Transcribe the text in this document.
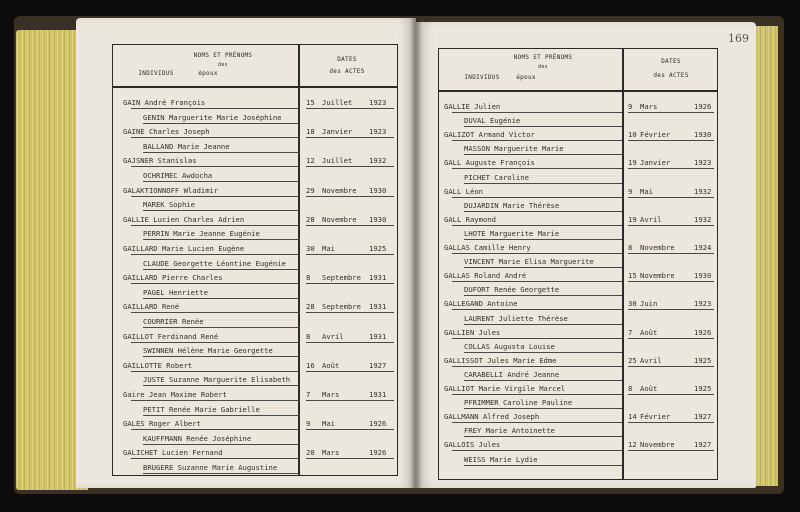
NOMS ET PRÉNOMS
des
INDIVIDUS	époux
DATES
des ACTES
GAIN André François
GENIN Marguerite Marie Joséphine
15 Juillet 1923
GAINE Charles Joseph
BALLAND Marie Jeanne
18 Janvier 1923
GAJSNER Stanislas
OCHRIMEC Awdocha
12 Juillet 1932
GALAKTIONNOFF Wladimir
MAREK Sophie
29 Novembre 1930
GALLIE Lucien Charles Adrien
PERRIN Marie Jeanne Eugénie
28 Novembre 1930
GAILLARD Marie Lucien Eugène
CLAUDE Georgette Léontine Eugénie
30 Mai	1925
GAILLARD Pierre Charles
PAGEL Henriette
8 Septembre 1931
GAILLARD René
COURRIER Renée
28 Septembre 1931
GAILLOT Ferdinand René
SWINNEN Hélène Marie Georgette
8 Avril	1931
GAILLOTTE Robert
JUSTE Suzanne Marguerite Elisabeth
16 Août	1927
Gaire Jean Maxime Robert
PETIT Renée Marie Gabrielle
7 Mars	1931
GALES Roger Albert
KAUFFMANN Renée Joséphine
9 Mai	1926
GALICHET Lucien Fernand
BRUGERE Suzanne Marie Augustine
20 Mars	1926
NOMS ET PRÉNOMS
des
INDIVIDUS	époux
DATES
des ACTES
GALLIE Julien
DUVAL Eugénie
9 Mars	1926
GALIZOT Armand Victor
MASSON Marguerite Marie
10 Février	1930
GALL Auguste François
PICHET Caroline
19 Janvier	1923
GALL Léon
DUJARDIN Marie Thérèse
9 Mai	1932
GALL Raymond
LHOTE Marguerite Marie
19 Avril	1932
GALLAS Camille Henry
VINCENT Marie Elisa Marguerite
8 Novembre	1924
GALLAS Roland André
DUFORT Renée Georgette
15 Novembre	1930
GALLEGAND Antoine
LAURENT Juliette Thérèse
30 Juin	1923
GALLIEN Jules
COLLAS Augusta Louise
7 Août	1926
GALLISSOT Jules Marie Edme
CARABELLI André Jeanne
25 Avril	1925
GALLIOT Marie Virgile Marcel
PFRIMMER Caroline Pauline
8 Août	1925
GALLMANN Alfred Joseph
FREY Marie Antoinette
14 Février	1927
GALLOIS Jules
WEISS Marie Lydie
12 Novembre	1927
169
